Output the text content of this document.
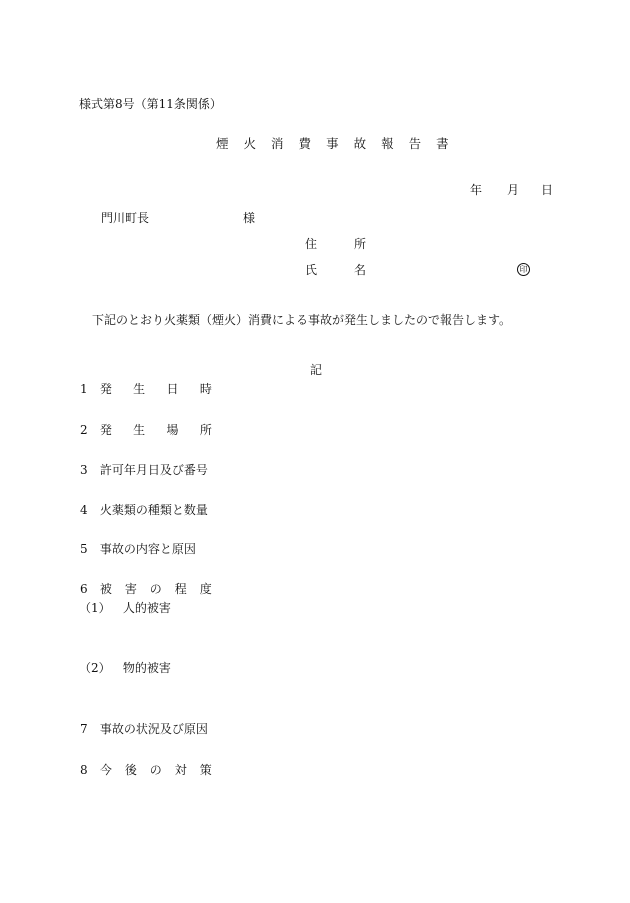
様式第8号（第11条関係）
煙 火 消 費 事 故 報 告 書
年 月 日
門川町長	様
住	所
氏	名	印
下記のとおり火薬類（煙火）消費による事故が発生しましたので報告します。
記
1 発 生 日 時
2 発 生 場 所
3 許可年月日及び番号
4 火薬類の種類と数量
5 事故の内容と原因
6 被 害 の 程 度
（1） 人的被害
（2） 物的被害
7 事故の状況及び原因
8 今 後 の 対 策
